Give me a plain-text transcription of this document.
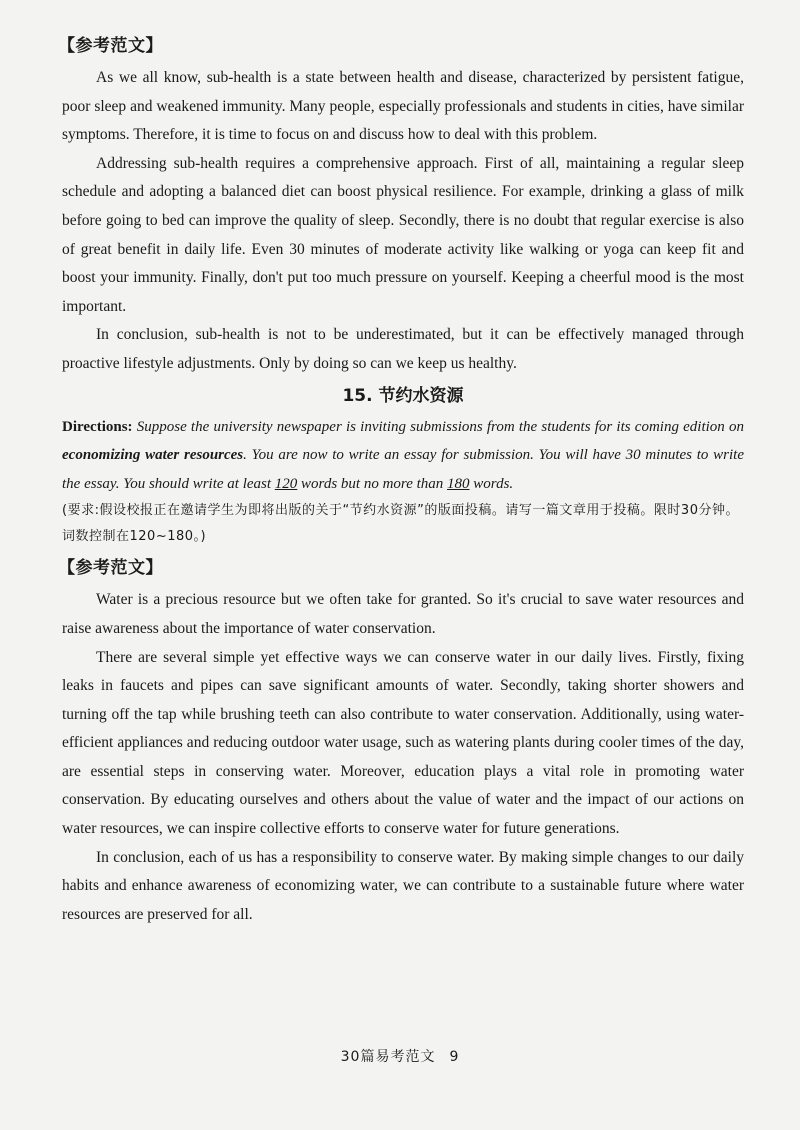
【参考范文】

As we all know, sub-health is a state between health and disease, characterized by persistent fatigue, poor sleep and weakened immunity. Many people, especially professionals and students in cities, have similar symptoms. Therefore, it is time to focus on and discuss how to deal with this problem.

Addressing sub-health requires a comprehensive approach. First of all, maintaining a regular sleep schedule and adopting a balanced diet can boost physical resilience. For example, drinking a glass of milk before going to bed can improve the quality of sleep. Secondly, there is no doubt that regular exercise is also of great benefit in daily life. Even 30 minutes of moderate activity like walking or yoga can keep fit and boost your immunity. Finally, don't put too much pressure on yourself. Keeping a cheerful mood is the most important.

In conclusion, sub-health is not to be underestimated, but it can be effectively managed through proactive lifestyle adjustments. Only by doing so can we keep us healthy.

15. 节约水资源

Directions: Suppose the university newspaper is inviting submissions from the students for its coming edition on economizing water resources. You are now to write an essay for submission. You will have 30 minutes to write the essay. You should write at least 120 words but no more than 180 words.

(要求:假设校报正在邀请学生为即将出版的关于“节约水资源”的版面投稿。请写一篇文章用于投稿。限时30分钟。词数控制在120~180。)

【参考范文】

Water is a precious resource but we often take for granted. So it's crucial to save water resources and raise awareness about the importance of water conservation.

There are several simple yet effective ways we can conserve water in our daily lives. Firstly, fixing leaks in faucets and pipes can save significant amounts of water. Secondly, taking shorter showers and turning off the tap while brushing teeth can also contribute to water conservation. Additionally, using water-efficient appliances and reducing outdoor water usage, such as watering plants during cooler times of the day, are essential steps in conserving water. Moreover, education plays a vital role in promoting water conservation. By educating ourselves and others about the value of water and the impact of our actions on water resources, we can inspire collective efforts to conserve water for future generations.

In conclusion, each of us has a responsibility to conserve water. By making simple changes to our daily habits and enhance awareness of economizing water, we can contribute to a sustainable future where water resources are preserved for all.

30篇易考范文 9
